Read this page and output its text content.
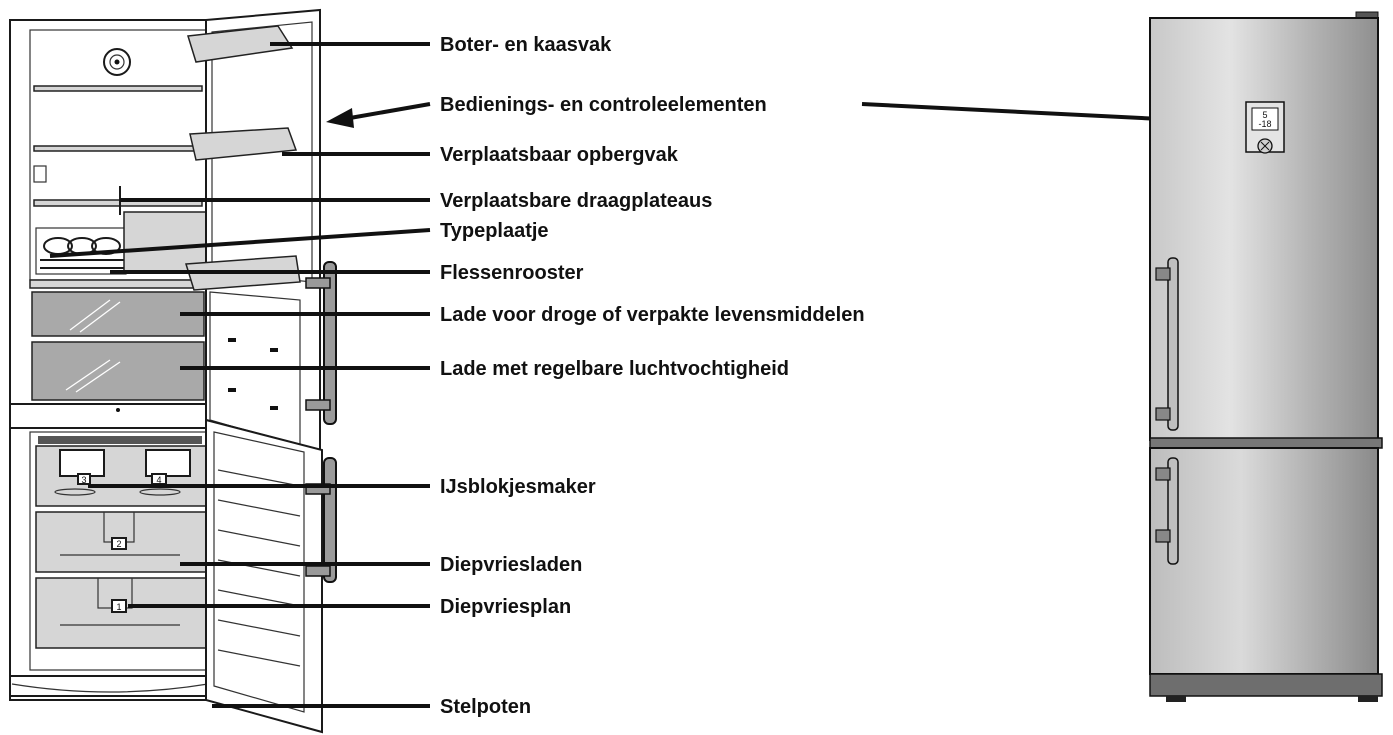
3	4
2
1
Boter- en kaasvak
Bedienings- en controleelementen
Verplaatsbaar opbergvak
Verplaatsbare draagplateaus
Typeplaatje
Flessenrooster
Lade voor droge of verpakte levensmiddelen
Lade met regelbare luchtvochtigheid
IJsblokjesmaker
Diepvriesladen
Diepvriesplan
Stelpoten
5
-18
